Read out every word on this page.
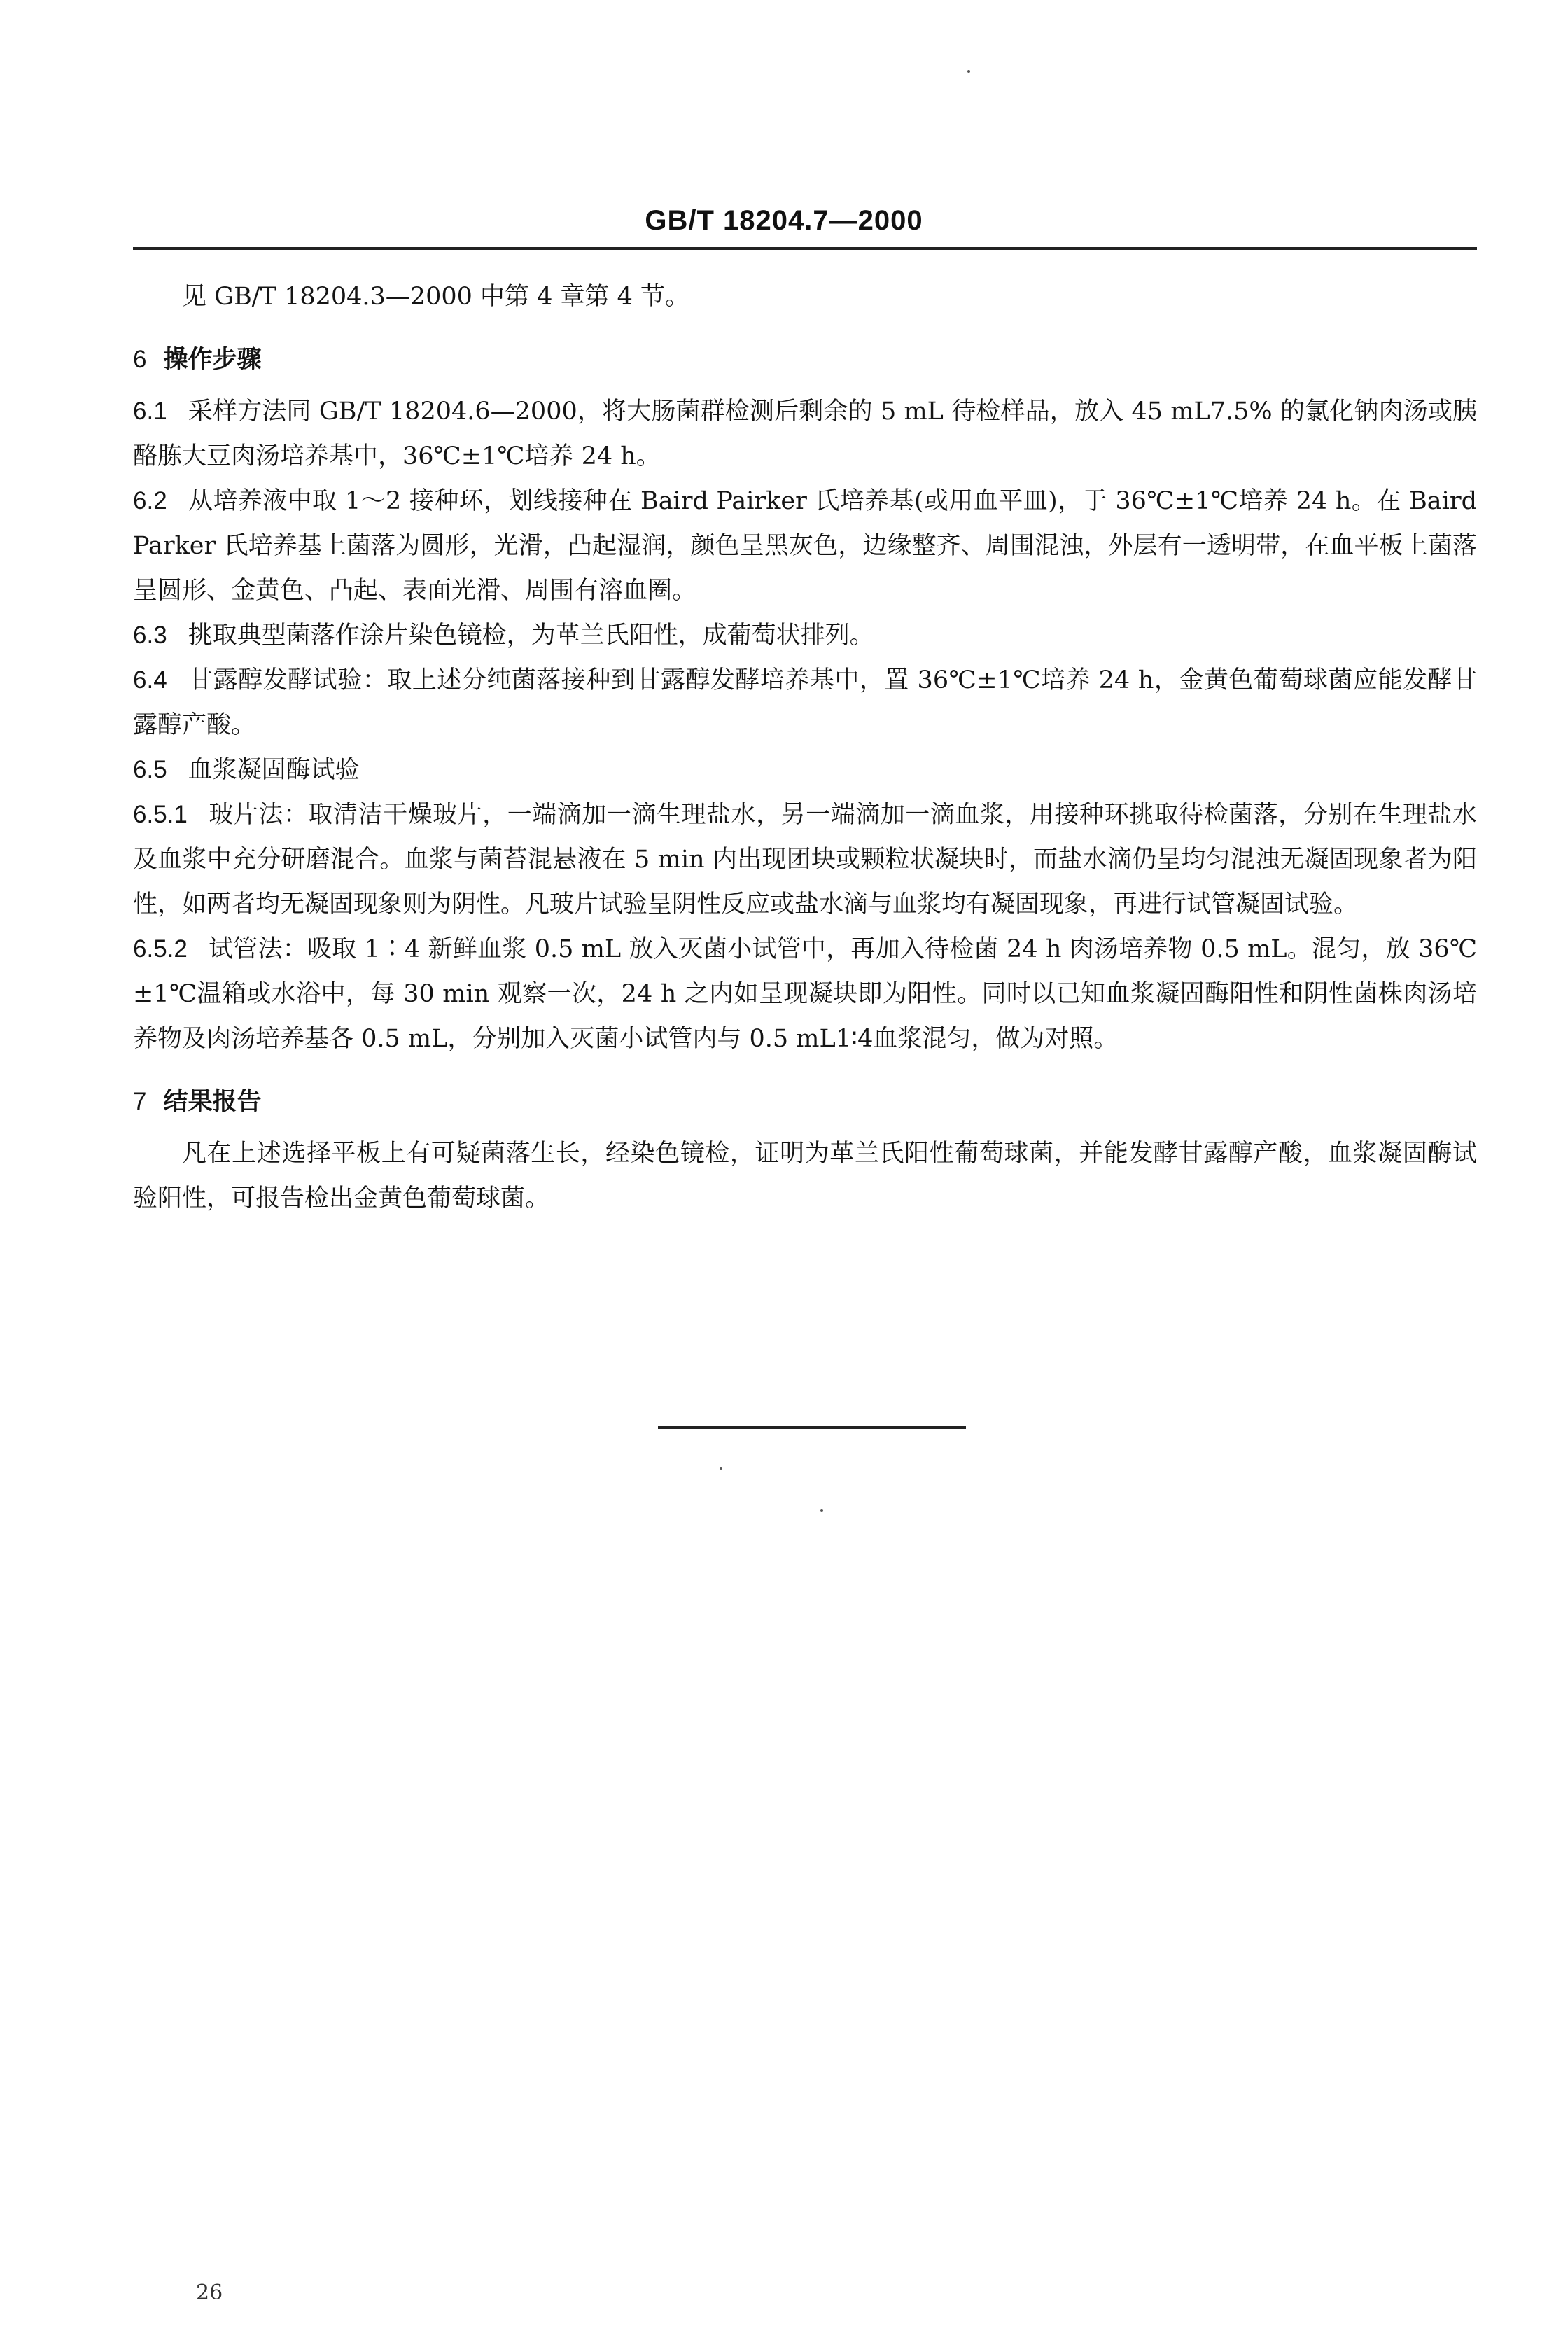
GB/T 18204.7—2000

见 GB/T 18204.3—2000 中第 4 章第 4 节。

6 操作步骤

6.1 采样方法同 GB/T 18204.6—2000，将大肠菌群检测后剩余的 5 mL 待检样品，放入 45 mL7.5% 的氯化钠肉汤或胰酪胨大豆肉汤培养基中，36℃±1℃培养 24 h。

6.2 从培养液中取 1～2 接种环，划线接种在 Baird Pairker 氏培养基(或用血平皿)，于 36℃±1℃培养 24 h。在 Baird Parker 氏培养基上菌落为圆形，光滑，凸起湿润，颜色呈黑灰色，边缘整齐、周围混浊，外层有一透明带，在血平板上菌落呈圆形、金黄色、凸起、表面光滑、周围有溶血圈。

6.3 挑取典型菌落作涂片染色镜检，为革兰氏阳性，成葡萄状排列。

6.4 甘露醇发酵试验：取上述分纯菌落接种到甘露醇发酵培养基中，置 36℃±1℃培养 24 h，金黄色葡萄球菌应能发酵甘露醇产酸。

6.5 血浆凝固酶试验

6.5.1 玻片法：取清洁干燥玻片，一端滴加一滴生理盐水，另一端滴加一滴血浆，用接种环挑取待检菌落，分别在生理盐水及血浆中充分研磨混合。血浆与菌苔混悬液在 5 min 内出现团块或颗粒状凝块时，而盐水滴仍呈均匀混浊无凝固现象者为阳性，如两者均无凝固现象则为阴性。凡玻片试验呈阴性反应或盐水滴与血浆均有凝固现象，再进行试管凝固试验。

6.5.2 试管法：吸取 1∶4 新鲜血浆 0.5 mL 放入灭菌小试管中，再加入待检菌 24 h 肉汤培养物 0.5 mL。混匀，放 36℃±1℃温箱或水浴中，每 30 min 观察一次，24 h 之内如呈现凝块即为阳性。同时以已知血浆凝固酶阳性和阴性菌株肉汤培养物及肉汤培养基各 0.5 mL，分别加入灭菌小试管内与 0.5 mL1∶4血浆混匀，做为对照。

7 结果报告

凡在上述选择平板上有可疑菌落生长，经染色镜检，证明为革兰氏阳性葡萄球菌，并能发酵甘露醇产酸，血浆凝固酶试验阳性，可报告检出金黄色葡萄球菌。

26
